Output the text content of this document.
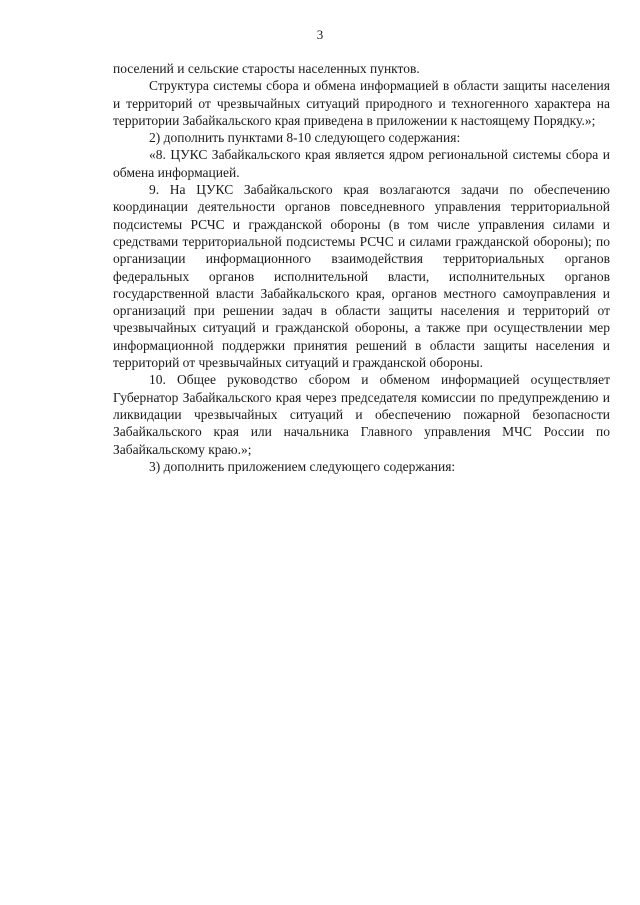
3

поселений и сельские старосты населенных пунктов.

Структура системы сбора и обмена информацией в области защиты населения и территорий от чрезвычайных ситуаций природного и техногенного характера на территории Забайкальского края приведена в приложении к настоящему Порядку.»;

2) дополнить пунктами 8-10 следующего содержания:

«8. ЦУКС Забайкальского края является ядром региональной системы сбора и обмена информацией.

9. На ЦУКС Забайкальского края возлагаются задачи по обеспечению координации деятельности органов повседневного управления территориальной подсистемы РСЧС и гражданской обороны (в том числе управления силами и средствами территориальной подсистемы РСЧС и силами гражданской обороны); по организации информационного взаимодействия территориальных органов федеральных органов исполнительной власти, исполнительных органов государственной власти Забайкальского края, органов местного самоуправления и организаций при решении задач в области защиты населения и территорий от чрезвычайных ситуаций и гражданской обороны, а также при осуществлении мер информационной поддержки принятия решений в области защиты населения и территорий от чрезвычайных ситуаций и гражданской обороны.

10. Общее руководство сбором и обменом информацией осуществляет Губернатор Забайкальского края через председателя комиссии по предупреждению и ликвидации чрезвычайных ситуаций и обеспечению пожарной безопасности Забайкальского края или начальника Главного управления МЧС России по Забайкальскому краю.»;

3) дополнить приложением следующего содержания:
